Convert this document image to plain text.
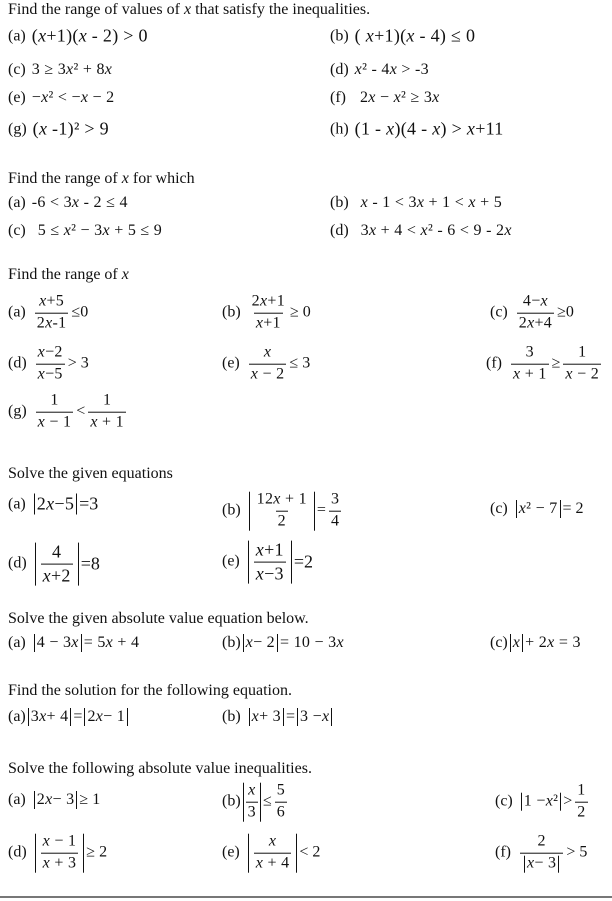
Find the range of values of x that satisfy the inequalities.
(a) (x+1)(x - 2) > 0	(b) ( x+1)(x - 4) ≤ 0
(c) 3 ≥ 3x² + 8x	(d) x² - 4x > -3
(e) −x² < −x − 2	(f) 2x − x² ≥ 3x
(g) (x -1)² > 9	(h) (1 - x)(4 - x) > x+11
Find the range of x for which
(a) -6 < 3x - 2 ≤ 4	(b) x - 1 < 3x + 1 < x + 5
(c) 5 ≤ x² − 3x + 5 ≤ 9	(d) 3x + 4 < x² - 6 < 9 - 2x
Find the range of x
$(a) \frac{x+5}{2x-1} \le 0$	$(b) \frac{2x+1}{x+1} \ge 0$	$(c) \frac{4-x}{2x+4} \ge 0$
$(d) \frac{x-2}{x-5} > 3$	$(e) \frac{x}{x - 2} \le 3$	$(f) \frac{3}{x + 1} \ge \frac{1}{x - 2}$
$(g) \frac{1}{x - 1} < \frac{1}{x + 1}$
Solve the given equations
(a) 2 x −5 =3	$(b) \frac{12x + 1}{2} = \frac{3}{4}$	(c) x ² − 7 = 2
$(d) \frac{4}{x+2} =8$	$(e) \frac{x+1}{x-3} =2$
Solve the given absolute value equation below.
(a) 4 − 3 x = 5x + 4	(b) x − 2 = 10 − 3x	(c) x + 2x = 3
Find the solution for the following equation.
(a) 3 x + 4 = 2 x − 1	(b) x + 3 = 3 − x
Solve the following absolute value inequalities.
(a) 2 x − 3 ≥ 1	$(b) \frac{x}{3} \le \frac{5}{6}$	(c) 1 − x $^2 > \frac{1}{2}$
$(d) \frac{x - 1}{x + 3} \ge 2$	$(e) \frac{x}{x + 4} < 2$	$(f) \frac{2}{x - 3} > 5$
